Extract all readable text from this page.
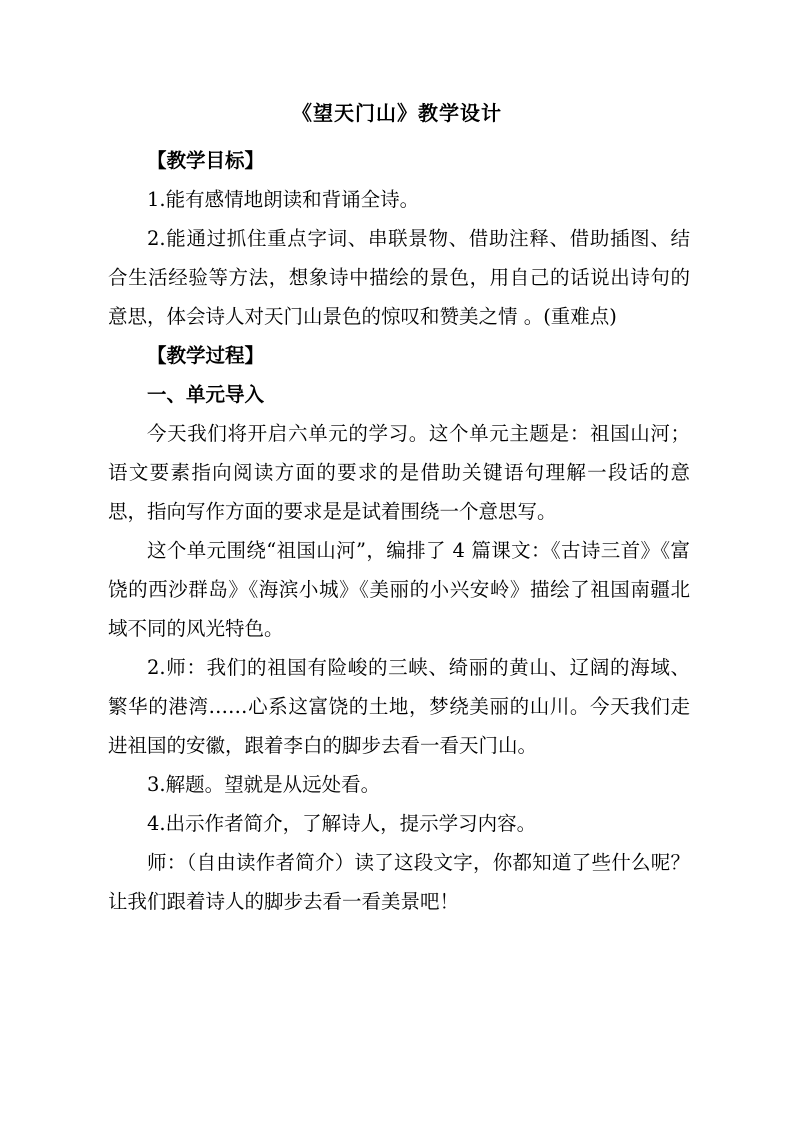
《望天门山》教学设计

【教学目标】

1.能有感情地朗读和背诵全诗。

2.能通过抓住重点字词、串联景物、借助注释、借助插图、结合生活经验等方法，想象诗中描绘的景色，用自己的话说出诗句的意思，体会诗人对天门山景色的惊叹和赞美之情 。(重难点)

【教学过程】

一、单元导入

今天我们将开启六单元的学习。这个单元主题是：祖国山河；语文要素指向阅读方面的要求的是借助关键语句理解一段话的意思，指向写作方面的要求是是试着围绕一个意思写。

这个单元围绕“祖国山河”，编排了 4 篇课文：《古诗三首》《富饶的西沙群岛》《海滨小城》《美丽的小兴安岭》描绘了祖国南疆北域不同的风光特色。

2.师：我们的祖国有险峻的三峡、绮丽的黄山、辽阔的海域、繁华的港湾……心系这富饶的土地，梦绕美丽的山川。今天我们走进祖国的安徽，跟着李白的脚步去看一看天门山。

3.解题。望就是从远处看。

4.出示作者简介，了解诗人，提示学习内容。

师：（自由读作者简介）读了这段文字，你都知道了些什么呢？让我们跟着诗人的脚步去看一看美景吧！
